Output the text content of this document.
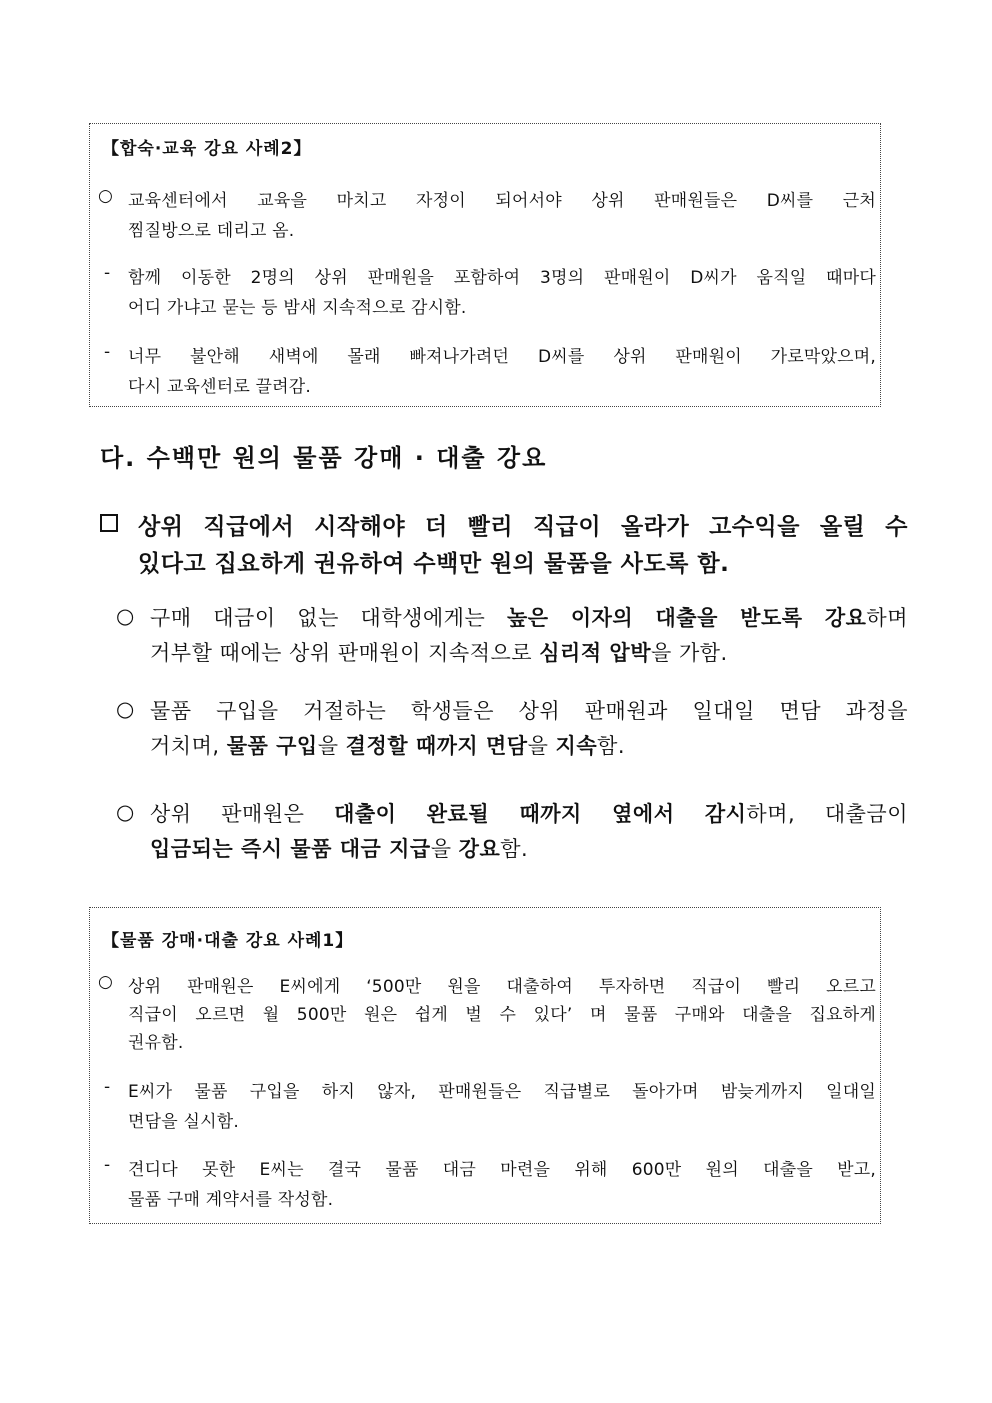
【합숙·교육 강요 사례2】
○ 교육센터에서 교육을 마치고 자정이 되어서야 상위 판매원들은 D씨를 근처
찜질방으로 데리고 옴.
- 함께 이동한 2명의 상위 판매원을 포함하여 3명의 판매원이 D씨가 움직일 때마다
어디 가냐고 묻는 등 밤새 지속적으로 감시함.
- 너무 불안해 새벽에 몰래 빠져나가려던 D씨를 상위 판매원이 가로막았으며,
다시 교육센터로 끌려감.
다. 수백만 원의 물품 강매 · 대출 강요
상위 직급에서 시작해야 더 빨리 직급이 올라가 고수익을 올릴 수
있다고 집요하게 권유하여 수백만 원의 물품을 사도록 함.
○ 구매 대금이 없는 대학생에게는 높은 이자의 대출을 받도록 강요하며
거부할 때에는 상위 판매원이 지속적으로 심리적 압박을 가함.
○ 물품 구입을 거절하는 학생들은 상위 판매원과 일대일 면담 과정을
거치며, 물품 구입을 결정할 때까지 면담을 지속함.
○ 상위 판매원은 대출이 완료될 때까지 옆에서 감시하며, 대출금이
입금되는 즉시 물품 대금 지급을 강요함.
【물품 강매·대출 강요 사례1】
○ 상위 판매원은 E씨에게 ‘500만 원을 대출하여 투자하면 직급이 빨리 오르고
직급이 오르면 월 500만 원은 쉽게 벌 수 있다’ 며 물품 구매와 대출을 집요하게
권유함.
- E씨가 물품 구입을 하지 않자, 판매원들은 직급별로 돌아가며 밤늦게까지 일대일
면담을 실시함.
- 견디다 못한 E씨는 결국 물품 대금 마련을 위해 600만 원의 대출을 받고,
물품 구매 계약서를 작성함.
